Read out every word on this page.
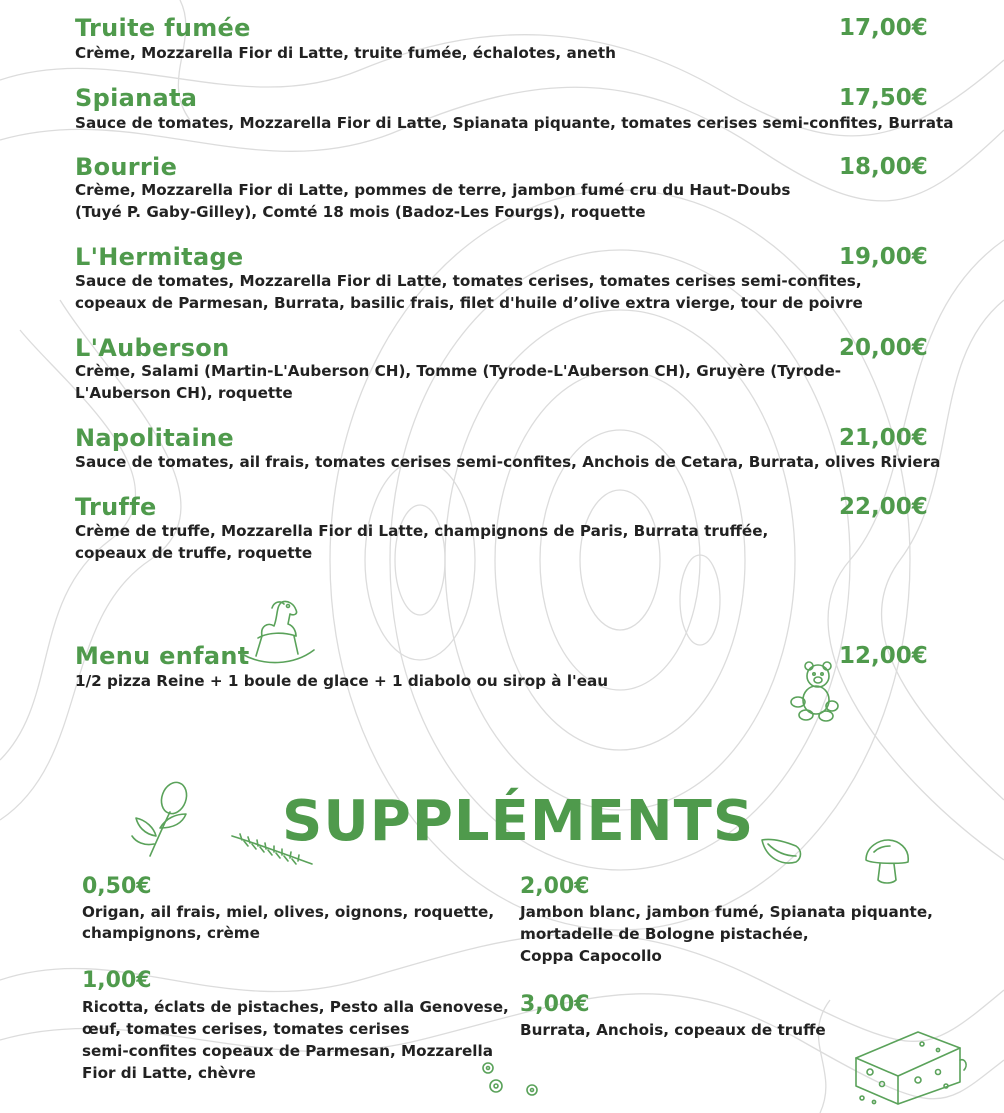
Truite fumée	17,00€
Crème, Mozzarella Fior di Latte, truite fumée, échalotes, aneth
Spianata	17,50€
Sauce de tomates, Mozzarella Fior di Latte, Spianata piquante, tomates cerises semi-confites, Burrata
Bourrie	18,00€
Crème, Mozzarella Fior di Latte, pommes de terre, jambon fumé cru du Haut-Doubs
(Tuyé P. Gaby-Gilley), Comté 18 mois (Badoz-Les Fourgs), roquette
L'Hermitage	19,00€
Sauce de tomates, Mozzarella Fior di Latte, tomates cerises, tomates cerises semi-confites,
copeaux de Parmesan, Burrata, basilic frais, filet d'huile d’olive extra vierge, tour de poivre
L'Auberson	20,00€
Crème, Salami (Martin-L'Auberson CH), Tomme (Tyrode-L'Auberson CH), Gruyère (Tyrode-
L'Auberson CH), roquette
Napolitaine	21,00€
Sauce de tomates, ail frais, tomates cerises semi-confites, Anchois de Cetara, Burrata, olives Riviera
Truffe	22,00€
Crème de truffe, Mozzarella Fior di Latte, champignons de Paris, Burrata truffée,
copeaux de truffe, roquette
Menu enfant	12,00€
1/2 pizza Reine + 1 boule de glace + 1 diabolo ou sirop à l'eau
SUPPLÉMENTS
0,50€
Origan, ail frais, miel, olives, oignons, roquette,
champignons, crème
1,00€
Ricotta, éclats de pistaches, Pesto alla Genovese,
œuf, tomates cerises, tomates cerises
semi-confites copeaux de Parmesan, Mozzarella
Fior di Latte, chèvre
2,00€
Jambon blanc, jambon fumé, Spianata piquante,
mortadelle de Bologne pistachée,
Coppa Capocollo
3,00€
Burrata, Anchois, copeaux de truffe
